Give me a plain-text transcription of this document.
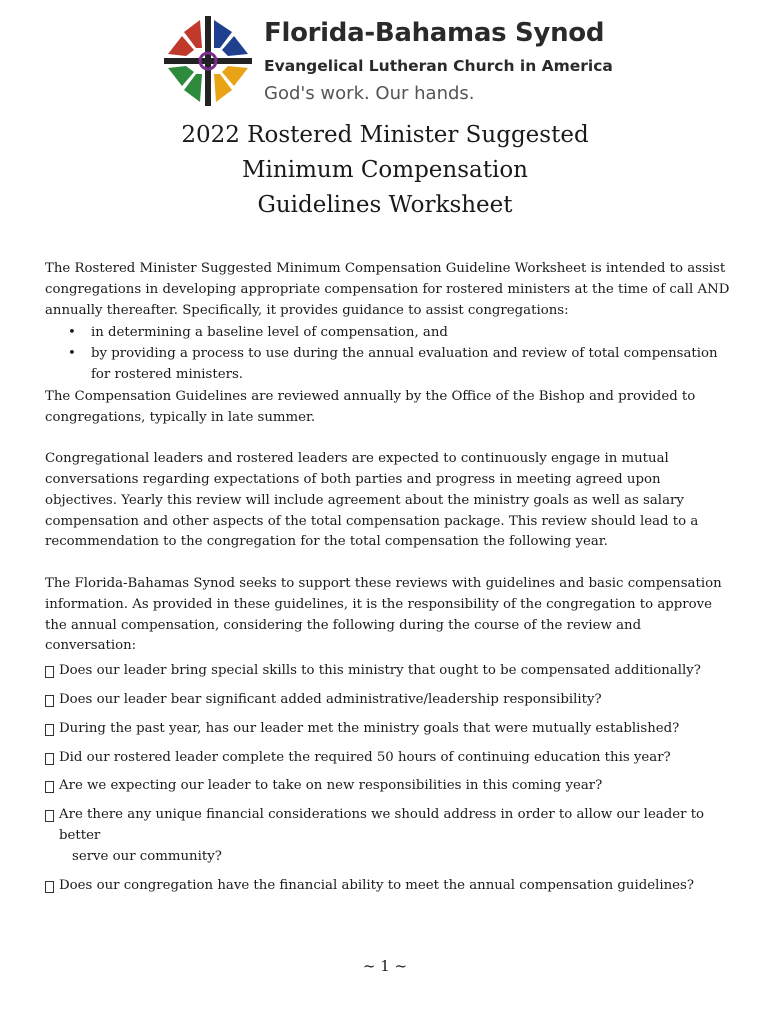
Florida-Bahamas Synod
Evangelical Lutheran Church in America
God's work. Our hands.
2022 Rostered Minister Suggested
Minimum Compensation
Guidelines Worksheet

The Rostered Minister Suggested Minimum Compensation Guideline Worksheet is intended to assist congregations in developing appropriate compensation for rostered ministers at the time of call AND annually thereafter. Specifically, it provides guidance to assist congregations:

• in determining a baseline level of compensation, and
• by providing a process to use during the annual evaluation and review of total compensation for rostered ministers.

The Compensation Guidelines are reviewed annually by the Office of the Bishop and provided to congregations, typically in late summer.

Congregational leaders and rostered leaders are expected to continuously engage in mutual conversations regarding expectations of both parties and progress in meeting agreed upon objectives. Yearly this review will include agreement about the ministry goals as well as salary compensation and other aspects of the total compensation package. This review should lead to a recommendation to the congregation for the total compensation the following year.

The Florida-Bahamas Synod seeks to support these reviews with guidelines and basic compensation information. As provided in these guidelines, it is the responsibility of the congregation to approve the annual compensation, considering the following during the course of the review and conversation:

Does our leader bring special skills to this ministry that ought to be compensated additionally?

Does our leader bear significant added administrative/leadership responsibility?

During the past year, has our leader met the ministry goals that were mutually established?

Did our rostered leader complete the required 50 hours of continuing education this year?

Are we expecting our leader to take on new responsibilities in this coming year?

Are there any unique financial considerations we should address in order to allow our leader to better
serve our community?

Does our congregation have the financial ability to meet the annual compensation guidelines?

~ 1 ~
